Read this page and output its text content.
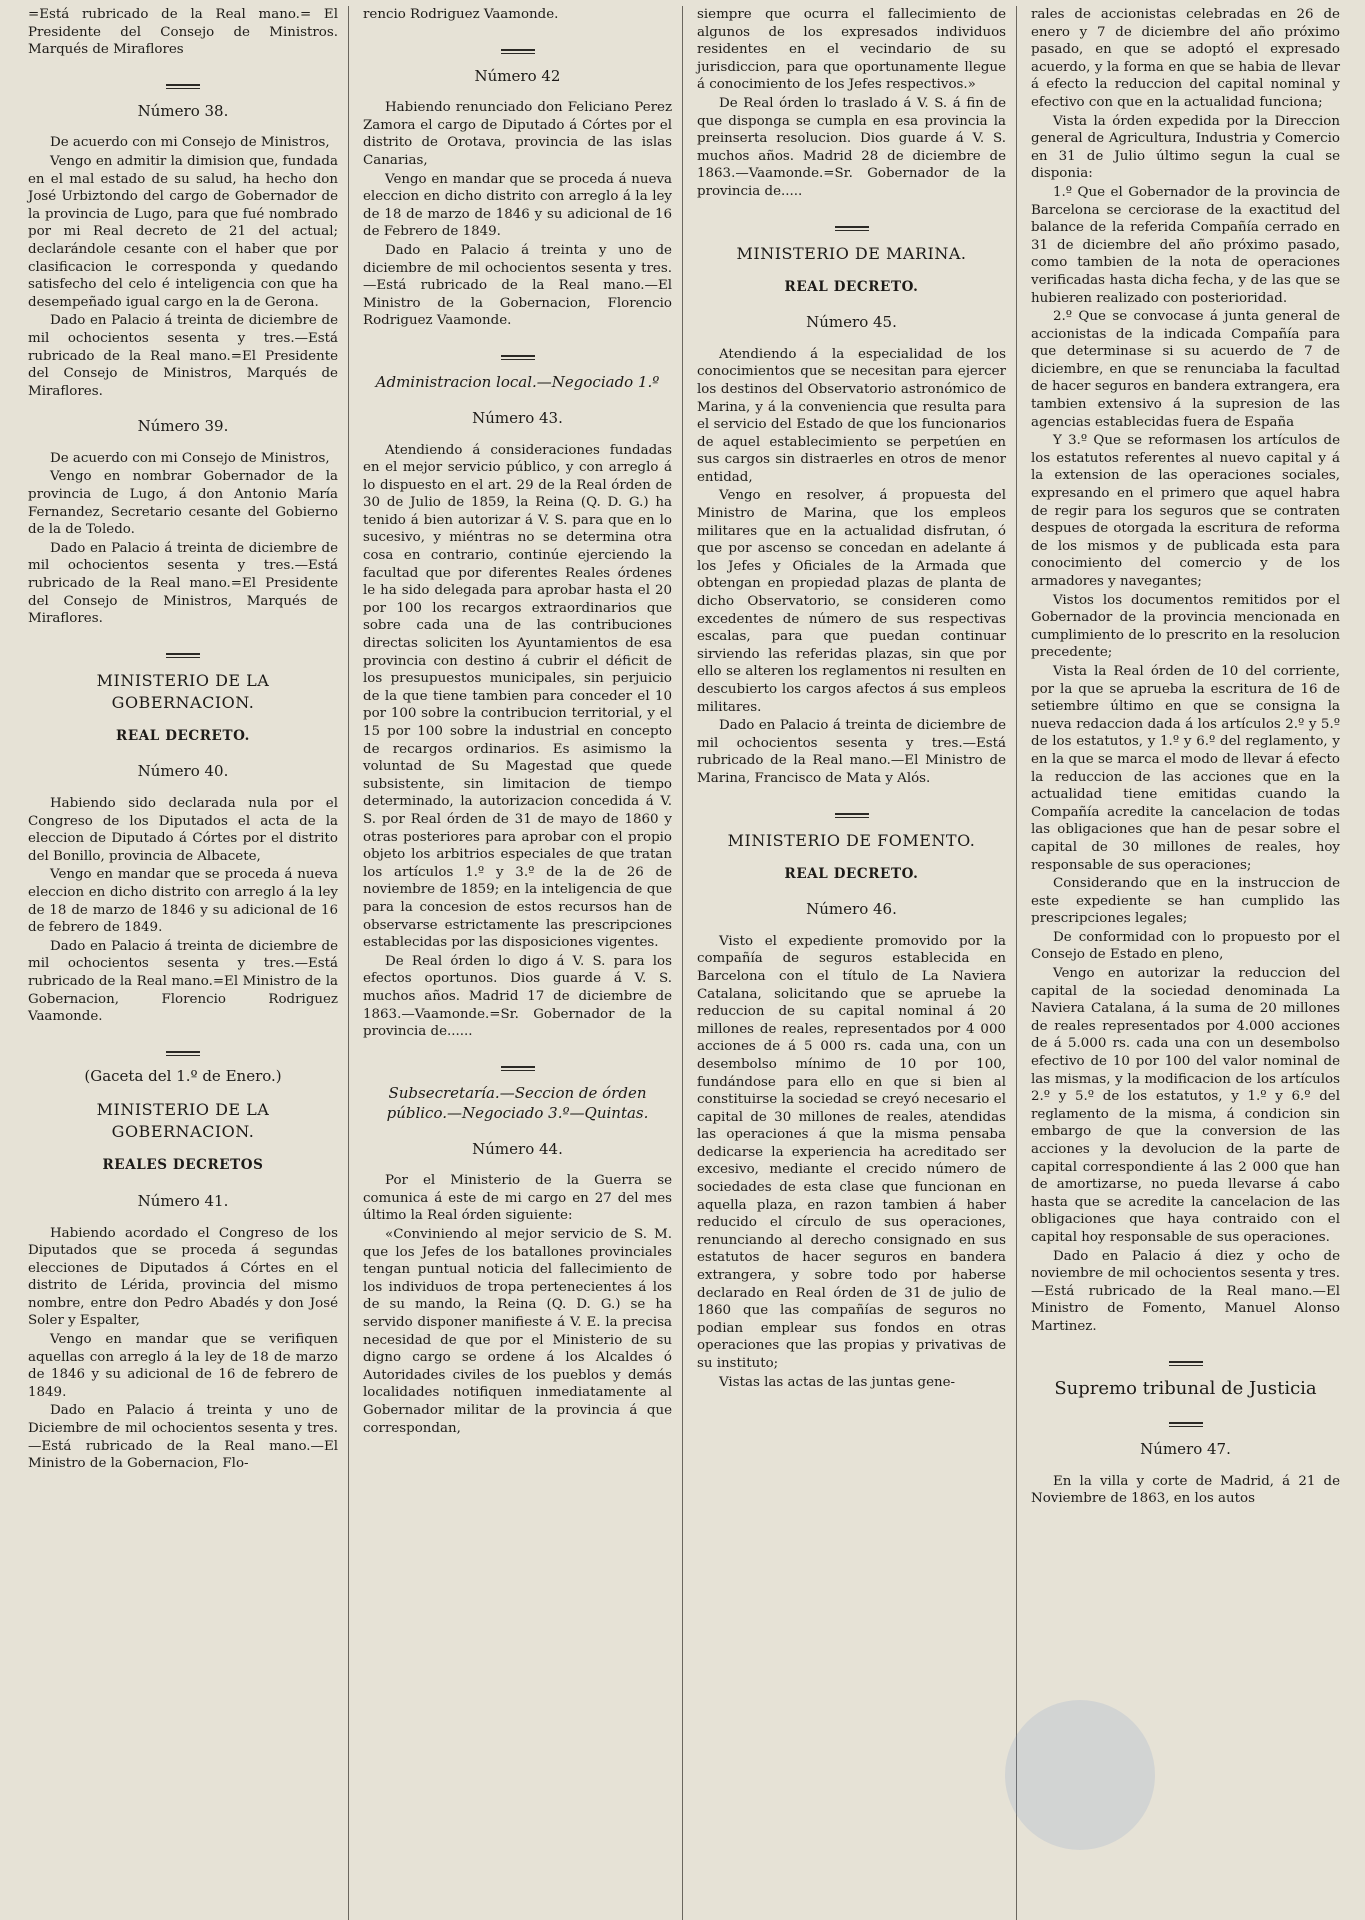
=Está rubricado de la Real mano.= El Presidente del Consejo de Ministros. Marqués de Miraflores

Número 38.

De acuerdo con mi Consejo de Ministros,

Vengo en admitir la dimision que, fundada en el mal estado de su salud, ha hecho don José Urbiztondo del cargo de Gobernador de la provincia de Lugo, para que fué nombrado por mi Real decreto de 21 del actual; declarándole cesante con el haber que por clasificacion le corresponda y quedando satisfecho del celo é inteligencia con que ha desempeñado igual cargo en la de Gerona.

Dado en Palacio á treinta de diciembre de mil ochocientos sesenta y tres.—Está rubricado de la Real mano.=El Presidente del Consejo de Ministros, Marqués de Miraflores.

Número 39.

De acuerdo con mi Consejo de Ministros,

Vengo en nombrar Gobernador de la provincia de Lugo, á don Antonio María Fernandez, Secretario cesante del Gobierno de la de Toledo.

Dado en Palacio á treinta de diciembre de mil ochocientos sesenta y tres.—Está rubricado de la Real mano.=El Presidente del Consejo de Ministros, Marqués de Miraflores.

MINISTERIO DE LA GOBERNACION.
REAL DECRETO.
Número 40.

Habiendo sido declarada nula por el Congreso de los Diputados el acta de la eleccion de Diputado á Córtes por el distrito del Bonillo, provincia de Albacete,

Vengo en mandar que se proceda á nueva eleccion en dicho distrito con arreglo á la ley de 18 de marzo de 1846 y su adicional de 16 de febrero de 1849.

Dado en Palacio á treinta de diciembre de mil ochocientos sesenta y tres.—Está rubricado de la Real mano.=El Ministro de la Gobernacion, Florencio Rodriguez Vaamonde.

(Gaceta del 1.º de Enero.)
MINISTERIO DE LA GOBERNACION.
REALES DECRETOS
Número 41.

Habiendo acordado el Congreso de los Diputados que se proceda á segundas elecciones de Diputados á Córtes en el distrito de Lérida, provincia del mismo nombre, entre don Pedro Abadés y don José Soler y Espalter,

Vengo en mandar que se verifiquen aquellas con arreglo á la ley de 18 de marzo de 1846 y su adicional de 16 de febrero de 1849.

Dado en Palacio á treinta y uno de Diciembre de mil ochocientos sesenta y tres.—Está rubricado de la Real mano.—El Ministro de la Gobernacion, Flo-

rencio Rodriguez Vaamonde.

Número 42

Habiendo renunciado don Feliciano Perez Zamora el cargo de Diputado á Córtes por el distrito de Orotava, provincia de las islas Canarias,

Vengo en mandar que se proceda á nueva eleccion en dicho distrito con arreglo á la ley de 18 de marzo de 1846 y su adicional de 16 de Febrero de 1849.

Dado en Palacio á treinta y uno de diciembre de mil ochocientos sesenta y tres.—Está rubricado de la Real mano.—El Ministro de la Gobernacion, Florencio Rodriguez Vaamonde.

Administracion local.—Negociado 1.º
Número 43.

Atendiendo á consideraciones fundadas en el mejor servicio público, y con arreglo á lo dispuesto en el art. 29 de la Real órden de 30 de Julio de 1859, la Reina (Q. D. G.) ha tenido á bien autorizar á V. S. para que en lo sucesivo, y miéntras no se determina otra cosa en contrario, continúe ejerciendo la facultad que por diferentes Reales órdenes le ha sido delegada para aprobar hasta el 20 por 100 los recargos extraordinarios que sobre cada una de las contribuciones directas soliciten los Ayuntamientos de esa provincia con destino á cubrir el déficit de los presupuestos municipales, sin perjuicio de la que tiene tambien para conceder el 10 por 100 sobre la contribucion territorial, y el 15 por 100 sobre la industrial en concepto de recargos ordinarios. Es asimismo la voluntad de Su Magestad que quede subsistente, sin limitacion de tiempo determinado, la autorizacion concedida á V. S. por Real órden de 31 de mayo de 1860 y otras posteriores para aprobar con el propio objeto los arbitrios especiales de que tratan los artículos 1.º y 3.º de la de 26 de noviembre de 1859; en la inteligencia de que para la concesion de estos recursos han de observarse estrictamente las prescripciones establecidas por las disposiciones vigentes.

De Real órden lo digo á V. S. para los efectos oportunos. Dios guarde á V. S. muchos años. Madrid 17 de diciembre de 1863.—Vaamonde.=Sr. Gobernador de la provincia de......

Subsecretaría.—Seccion de órden público.—Negociado 3.º—Quintas.
Número 44.

Por el Ministerio de la Guerra se comunica á este de mi cargo en 27 del mes último la Real órden siguiente:

«Conviniendo al mejor servicio de S. M. que los Jefes de los batallones provinciales tengan puntual noticia del fallecimiento de los individuos de tropa pertenecientes á los de su mando, la Reina (Q. D. G.) se ha servido disponer manifieste á V. E. la precisa necesidad de que por el Ministerio de su digno cargo se ordene á los Alcaldes ó Autoridades civiles de los pueblos y demás localidades notifiquen inmediatamente al Gobernador militar de la provincia á que correspondan,

siempre que ocurra el fallecimiento de algunos de los expresados individuos residentes en el vecindario de su jurisdiccion, para que oportunamente llegue á conocimiento de los Jefes respectivos.»

De Real órden lo traslado á V. S. á fin de que disponga se cumpla en esa provincia la preinserta resolucion. Dios guarde á V. S. muchos años. Madrid 28 de diciembre de 1863.—Vaamonde.=Sr. Gobernador de la provincia de.....

MINISTERIO DE MARINA.
REAL DECRETO.
Número 45.

Atendiendo á la especialidad de los conocimientos que se necesitan para ejercer los destinos del Observatorio astronómico de Marina, y á la conveniencia que resulta para el servicio del Estado de que los funcionarios de aquel establecimiento se perpetúen en sus cargos sin distraerles en otros de menor entidad,

Vengo en resolver, á propuesta del Ministro de Marina, que los empleos militares que en la actualidad disfrutan, ó que por ascenso se concedan en adelante á los Jefes y Oficiales de la Armada que obtengan en propiedad plazas de planta de dicho Observatorio, se consideren como excedentes de número de sus respectivas escalas, para que puedan continuar sirviendo las referidas plazas, sin que por ello se alteren los reglamentos ni resulten en descubierto los cargos afectos á sus empleos militares.

Dado en Palacio á treinta de diciembre de mil ochocientos sesenta y tres.—Está rubricado de la Real mano.—El Ministro de Marina, Francisco de Mata y Alós.

MINISTERIO DE FOMENTO.
REAL DECRETO.
Número 46.

Visto el expediente promovido por la compañía de seguros establecida en Barcelona con el título de La Naviera Catalana, solicitando que se apruebe la reduccion de su capital nominal á 20 millones de reales, representados por 4 000 acciones de á 5 000 rs. cada una, con un desembolso mínimo de 10 por 100, fundándose para ello en que si bien al constituirse la sociedad se creyó necesario el capital de 30 millones de reales, atendidas las operaciones á que la misma pensaba dedicarse la experiencia ha acreditado ser excesivo, mediante el crecido número de sociedades de esta clase que funcionan en aquella plaza, en razon tambien á haber reducido el círculo de sus operaciones, renunciando al derecho consignado en sus estatutos de hacer seguros en bandera extrangera, y sobre todo por haberse declarado en Real órden de 31 de julio de 1860 que las compañías de seguros no podian emplear sus fondos en otras operaciones que las propias y privativas de su instituto;

Vistas las actas de las juntas gene-

rales de accionistas celebradas en 26 de enero y 7 de diciembre del año próximo pasado, en que se adoptó el expresado acuerdo, y la forma en que se habia de llevar á efecto la reduccion del capital nominal y efectivo con que en la actualidad funciona;

Vista la órden expedida por la Direccion general de Agricultura, Industria y Comercio en 31 de Julio último segun la cual se disponia:

1.º Que el Gobernador de la provincia de Barcelona se cerciorase de la exactitud del balance de la referida Compañía cerrado en 31 de diciembre del año próximo pasado, como tambien de la nota de operaciones verificadas hasta dicha fecha, y de las que se hubieren realizado con posterioridad.

2.º Que se convocase á junta general de accionistas de la indicada Compañía para que determinase si su acuerdo de 7 de diciembre, en que se renunciaba la facultad de hacer seguros en bandera extrangera, era tambien extensivo á la supresion de las agencias establecidas fuera de España

Y 3.º Que se reformasen los artículos de los estatutos referentes al nuevo capital y á la extension de las operaciones sociales, expresando en el primero que aquel habra de regir para los seguros que se contraten despues de otorgada la escritura de reforma de los mismos y de publicada esta para conocimiento del comercio y de los armadores y navegantes;

Vistos los documentos remitidos por el Gobernador de la provincia mencionada en cumplimiento de lo prescrito en la resolucion precedente;

Vista la Real órden de 10 del corriente, por la que se aprueba la escritura de 16 de setiembre último en que se consigna la nueva redaccion dada á los artículos 2.º y 5.º de los estatutos, y 1.º y 6.º del reglamento, y en la que se marca el modo de llevar á efecto la reduccion de las acciones que en la actualidad tiene emitidas cuando la Compañía acredite la cancelacion de todas las obligaciones que han de pesar sobre el capital de 30 millones de reales, hoy responsable de sus operaciones;

Considerando que en la instruccion de este expediente se han cumplido las prescripciones legales;

De conformidad con lo propuesto por el Consejo de Estado en pleno,

Vengo en autorizar la reduccion del capital de la sociedad denominada La Naviera Catalana, á la suma de 20 millones de reales representados por 4.000 acciones de á 5.000 rs. cada una con un desembolso efectivo de 10 por 100 del valor nominal de las mismas, y la modificacion de los artículos 2.º y 5.º de los estatutos, y 1.º y 6.º del reglamento de la misma, á condicion sin embargo de que la conversion de las acciones y la devolucion de la parte de capital correspondiente á las 2 000 que han de amortizarse, no pueda llevarse á cabo hasta que se acredite la cancelacion de las obligaciones que haya contraido con el capital hoy responsable de sus operaciones.

Dado en Palacio á diez y ocho de noviembre de mil ochocientos sesenta y tres.—Está rubricado de la Real mano.—El Ministro de Fomento, Manuel Alonso Martinez.

Supremo tribunal de Justicia
Número 47.

En la villa y corte de Madrid, á 21 de Noviembre de 1863, en los autos
